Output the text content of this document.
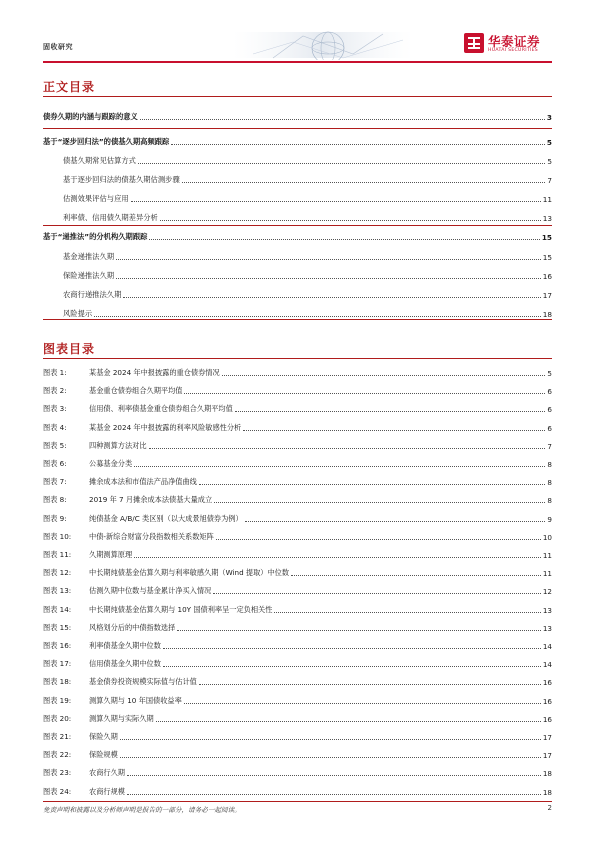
固收研究	华泰证券
HUATAI SECURITIES
正文目录
债券久期的内涵与跟踪的意义	3
基于“逐步回归法”的债基久期高频跟踪	5
债基久期常见估算方式	5
基于逐步回归法的债基久期估测步骤	7
估测效果评估与应用	11
利率债、信用债久期差异分析	13
基于“递推法”的分机构久期跟踪	15
基金递推法久期	15
保险递推法久期	16
农商行递推法久期	17
风险提示	18
图表目录
图表 1:	某基金 2024 年中报披露的重仓债券情况	5
图表 2:	基金重仓债券组合久期平均值	6
图表 3:	信用债、利率债基金重仓债券组合久期平均值	6
图表 4:	某基金 2024 年中报披露的利率风险敏感性分析	6
图表 5:	四种测算方法对比	7
图表 6:	公募基金分类	8
图表 7:	摊余成本法和市值法产品净值曲线	8
图表 8:	2019 年 7 月摊余成本法债基大量成立	8
图表 9:	纯债基金 A/B/C 类区别（以大成景旭债券为例）	9
图表 10:	中债-新综合财富分段指数相关系数矩阵	10
图表 11:	久期测算原理	11
图表 12:	中长期纯债基金估算久期与利率敏感久期（Wind 提取）中位数	11
图表 13:	估测久期中位数与基金累计净买入情况	12
图表 14:	中长期纯债基金估算久期与 10Y 国债利率呈一定负相关性	13
图表 15:	风格划分后的中债指数选择	13
图表 16:	利率债基金久期中位数	14
图表 17:	信用债基金久期中位数	14
图表 18:	基金债券投资规模实际值与估计值	16
图表 19:	测算久期与 10 年国债收益率	16
图表 20:	测算久期与实际久期	16
图表 21:	保险久期	17
图表 22:	保险规模	17
图表 23:	农商行久期	18
图表 24:	农商行规模	18
免责声明和披露以及分析师声明是报告的一部分，请务必一起阅读。	2
